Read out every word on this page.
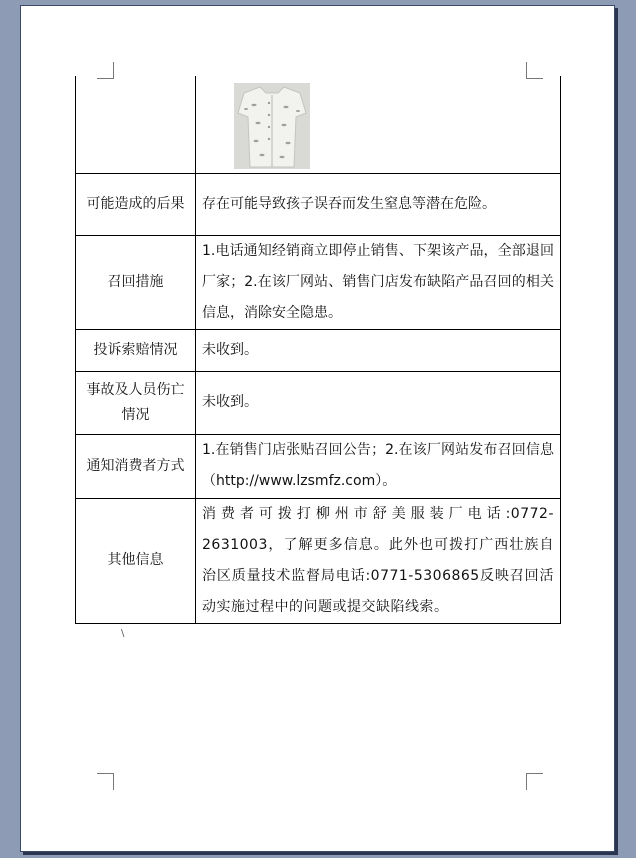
可能造成的后果	存在可能导致孩子误吞而发生窒息等潜在危险。
召回措施	1.电话通知经销商立即停止销售、下架该产品，全部退回厂家；2.在该厂网站、销售门店发布缺陷产品召回的相关信息，消除安全隐患。
投诉索赔情况	未收到。
事故及人员伤亡情况	未收到。
通知消费者方式	1.在销售门店张贴召回公告；2.在该厂网站发布召回信息（http://www.lzsmfz.com）。
其他信息	消费者可拨打柳州市舒美服装厂电话:0772-2631003，了解更多信息。此外也可拨打广西壮族自治区质量技术监督局电话:0771-5306865反映召回活动实施过程中的问题或提交缺陷线索。
\
